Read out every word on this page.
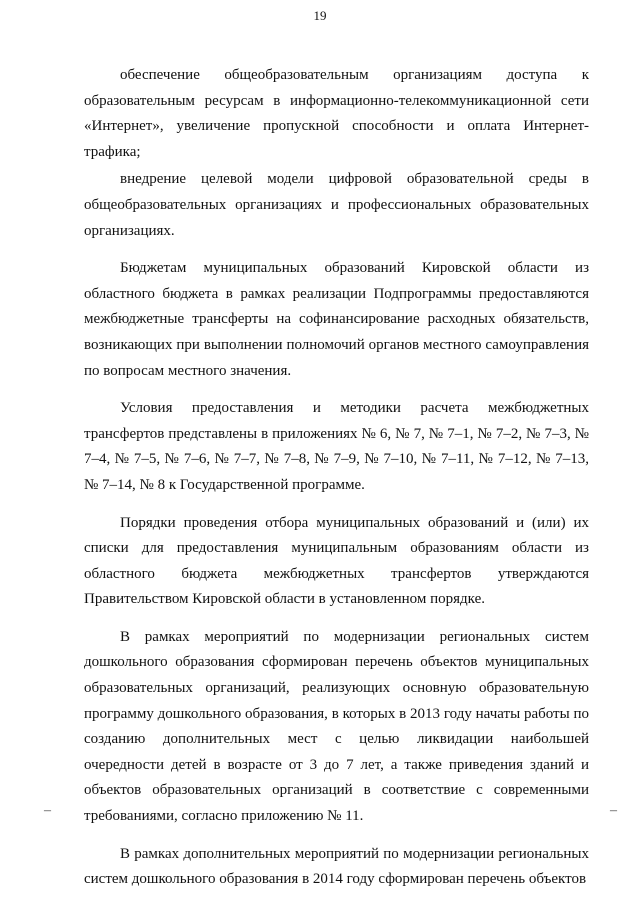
19

обеспечение общеобразовательным организациям доступа к образовательным ресурсам в информационно-телекоммуникационной сети «Интернет», увеличение пропускной способности и оплата Интернет-трафика;

внедрение целевой модели цифровой образовательной среды в общеобразовательных организациях и профессиональных образовательных организациях.

Бюджетам муниципальных образований Кировской области из областного бюджета в рамках реализации Подпрограммы предоставляются межбюджетные трансферты на софинансирование расходных обязательств, возникающих при выполнении полномочий органов местного самоуправления по вопросам местного значения.

Условия предоставления и методики расчета межбюджетных трансфертов представлены в приложениях № 6, № 7, № 7–1, № 7–2, № 7–3, № 7–4, № 7–5, № 7–6, № 7–7, № 7–8, № 7–9, № 7–10, № 7–11, № 7–12, № 7–13, № 7–14, № 8 к Государственной программе.

Порядки проведения отбора муниципальных образований и (или) их списки для предоставления муниципальным образованиям области из областного бюджета межбюджетных трансфертов утверждаются Правительством Кировской области в установленном порядке.

В рамках мероприятий по модернизации региональных систем дошкольного образования сформирован перечень объектов муниципальных образовательных организаций, реализующих основную образовательную программу дошкольного образования, в которых в 2013 году начаты работы по созданию дополнительных мест с целью ликвидации наибольшей очередности детей в возрасте от 3 до 7 лет, а также приведения зданий и объектов образовательных организаций в соответствие с современными требованиями, согласно приложению № 11.

В рамках дополнительных мероприятий по модернизации региональных систем дошкольного образования в 2014 году сформирован перечень объектов

–	–
